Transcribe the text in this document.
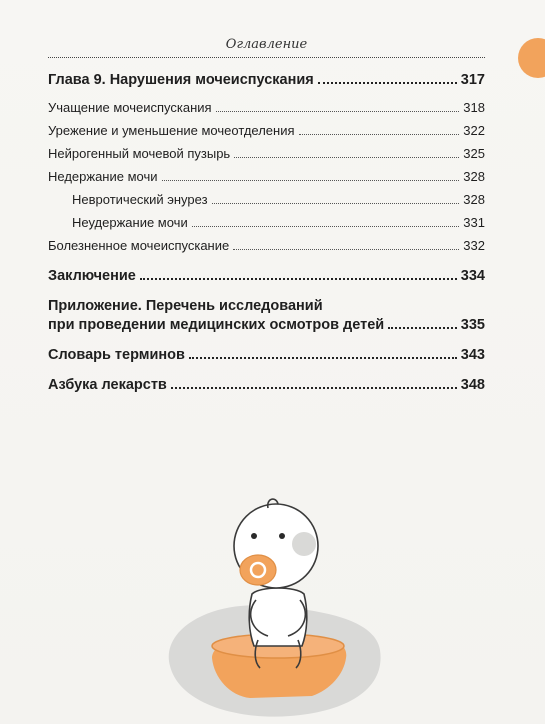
Оглавление
Глава 9. Нарушения мочеиспускания	317
Учащение мочеиспускания	318
Урежение и уменьшение мочеотделения	322
Нейрогенный мочевой пузырь	325
Недержание мочи	328
Невротический энурез	328
Неудержание мочи	331
Болезненное мочеиспускание	332
Заключение	334
Приложение. Перечень исследований
при проведении медицинских осмотров детей	335
Словарь терминов	343
Азбука лекарств	348
